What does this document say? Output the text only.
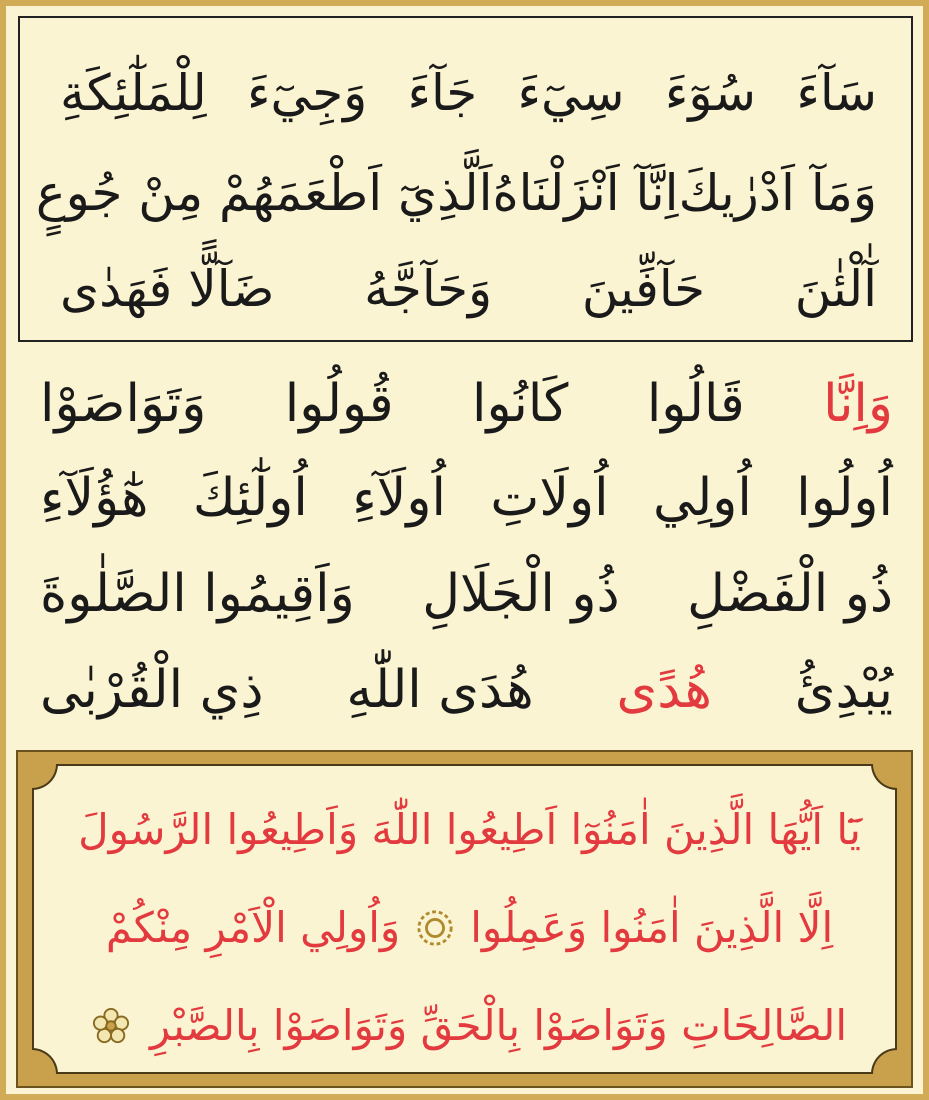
سَآءَ
سُوٓءَ
سِيٓءَ
جَآءَ
وَجِيٓءَ
لِلْمَلٰٓئِكَةِ
وَمَآ اَدْرٰيكَ
اِنَّآ اَنْزَلْنَاهُ
اَلَّذِيٓ اَطْعَمَهُمْ مِنْ جُوعٍ
آٰلْئٰنَ
حَآفِّينَ
وَحَآجَّهُ
ضَآلًّا فَهَدٰى
وَاِنَّا
قَالُوا
كَانُوا
قُولُوا
وَتَوَاصَوْا
اُولُوا
اُولِي
اُولَاتِ
اُولَآءِ
اُولٰٓئِكَ
هٰٓؤُلَآءِ
ذُو الْفَضْلِ
ذُو الْجَلَالِ
وَاَقِيمُوا الصَّلٰوةَ
يُبْدِئُ
هُدًى
هُدَى اللّٰهِ
ذِي الْقُرْبٰى
يَٓا اَيُّهَا الَّذِينَ اٰمَنُوٓا اَطِيعُوا اللّٰهَ وَاَطِيعُوا الرَّسُولَ
اِلَّا الَّذِينَ اٰمَنُوا وَعَمِلُوا
وَاُولِي الْاَمْرِ مِنْكُمْ
الصَّالِحَاتِ وَتَوَاصَوْا بِالْحَقِّ وَتَوَاصَوْا بِالصَّبْرِ
